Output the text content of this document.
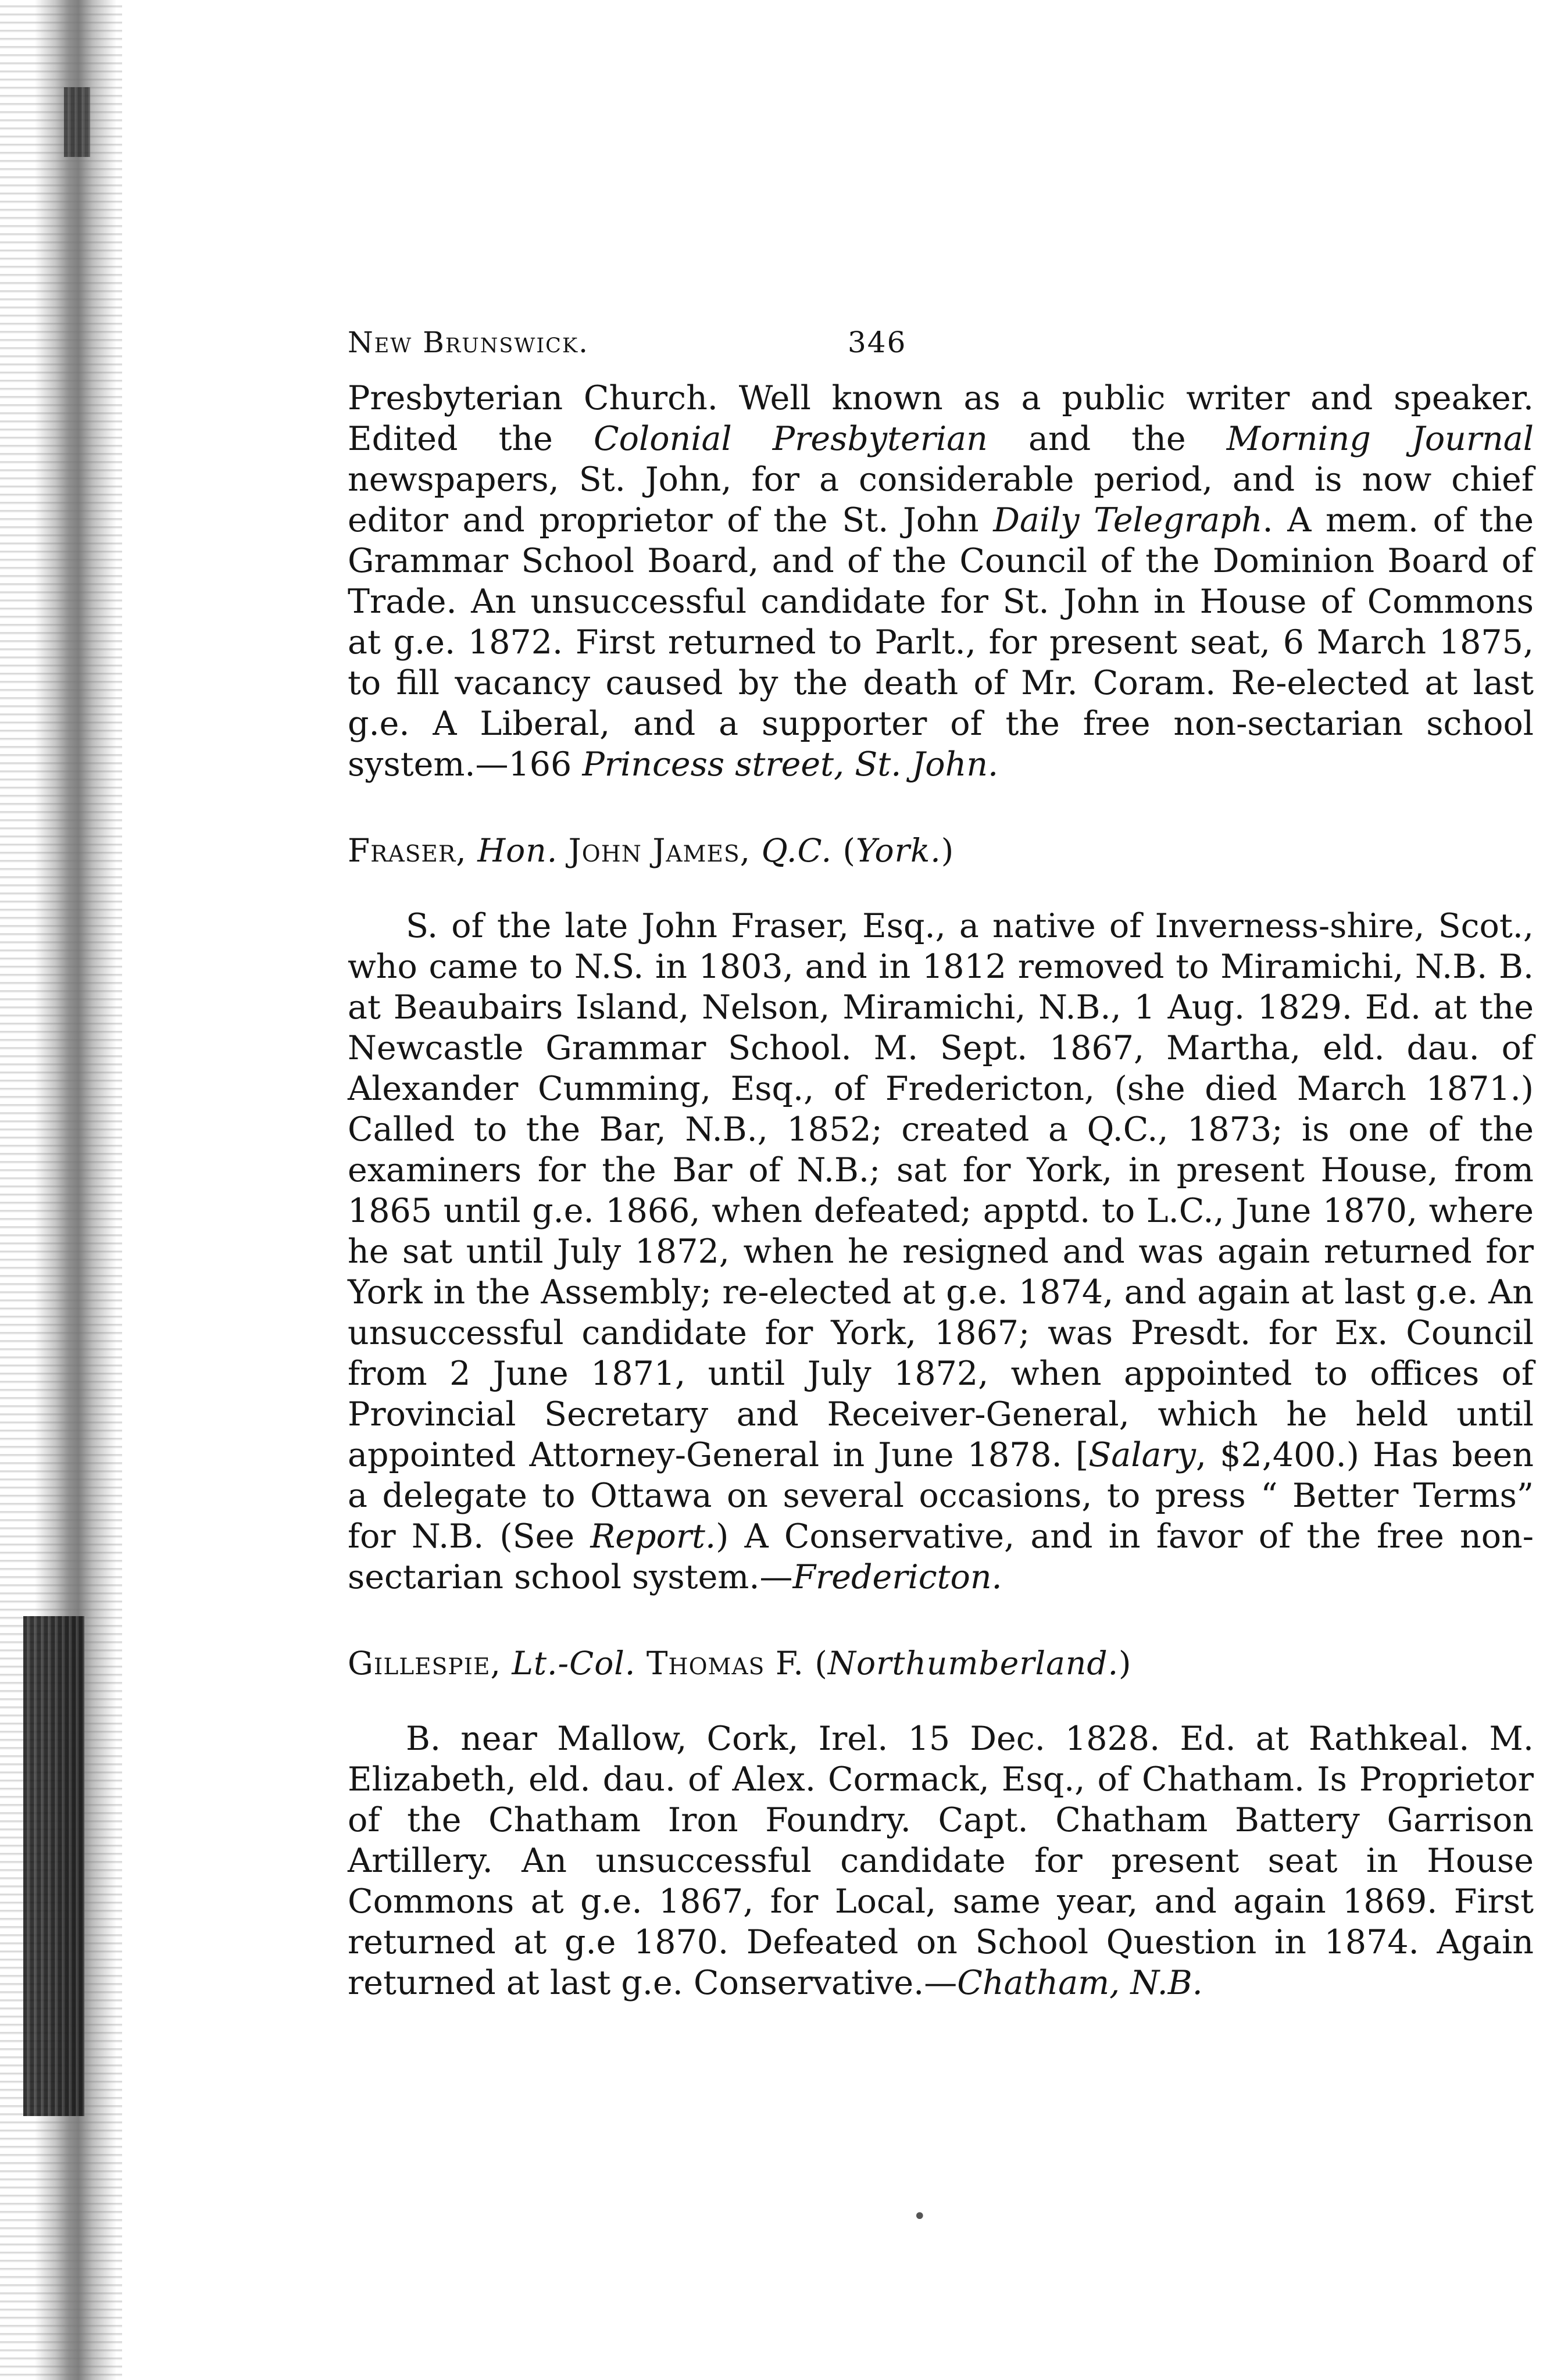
New Brunswick.	346

Presbyterian Church. Well known as a public writer and speaker. Edited the Colonial Presbyterian and the Morning Journal newspapers, St. John, for a considerable period, and is now chief editor and proprietor of the St. John Daily Telegraph. A mem. of the Grammar School Board, and of the Council of the Dominion Board of Trade. An unsuccessful candidate for St. John in House of Commons at g.e. 1872. First returned to Parlt., for present seat, 6 March 1875, to fill vacancy caused by the death of Mr. Coram. Re-elected at last g.e. A Liberal, and a supporter of the free non-sectarian school system.—166 Princess street, St. John.

Fraser, Hon. John James, Q.C. (York.)

S. of the late John Fraser, Esq., a native of Inverness-shire, Scot., who came to N.S. in 1803, and in 1812 removed to Miramichi, N.B. B. at Beaubairs Island, Nelson, Miramichi, N.B., 1 Aug. 1829. Ed. at the Newcastle Grammar School. M. Sept. 1867, Martha, eld. dau. of Alexander Cumming, Esq., of Fredericton, (she died March 1871.) Called to the Bar, N.B., 1852; created a Q.C., 1873; is one of the examiners for the Bar of N.B.; sat for York, in present House, from 1865 until g.e. 1866, when defeated; apptd. to L.C., June 1870, where he sat until July 1872, when he resigned and was again returned for York in the Assembly; re-elected at g.e. 1874, and again at last g.e. An unsuccessful candidate for York, 1867; was Presdt. for Ex. Council from 2 June 1871, until July 1872, when appointed to offices of Provincial Secretary and Receiver-General, which he held until appointed Attorney-General in June 1878. [Salary, $2,400.) Has been a delegate to Ottawa on several occasions, to press “ Better Terms” for N.B. (See Report.) A Conservative, and in favor of the free non-sectarian school system.—Fredericton.

Gillespie, Lt.-Col. Thomas F. (Northumberland.)

B. near Mallow, Cork, Irel. 15 Dec. 1828. Ed. at Rathkeal. M. Elizabeth, eld. dau. of Alex. Cormack, Esq., of Chatham. Is Proprietor of the Chatham Iron Foundry. Capt. Chatham Battery Garrison Artillery. An unsuccessful candidate for present seat in House Commons at g.e. 1867, for Local, same year, and again 1869. First returned at g.e 1870. Defeated on School Question in 1874. Again returned at last g.e. Conservative.—Chatham, N.B.

•
